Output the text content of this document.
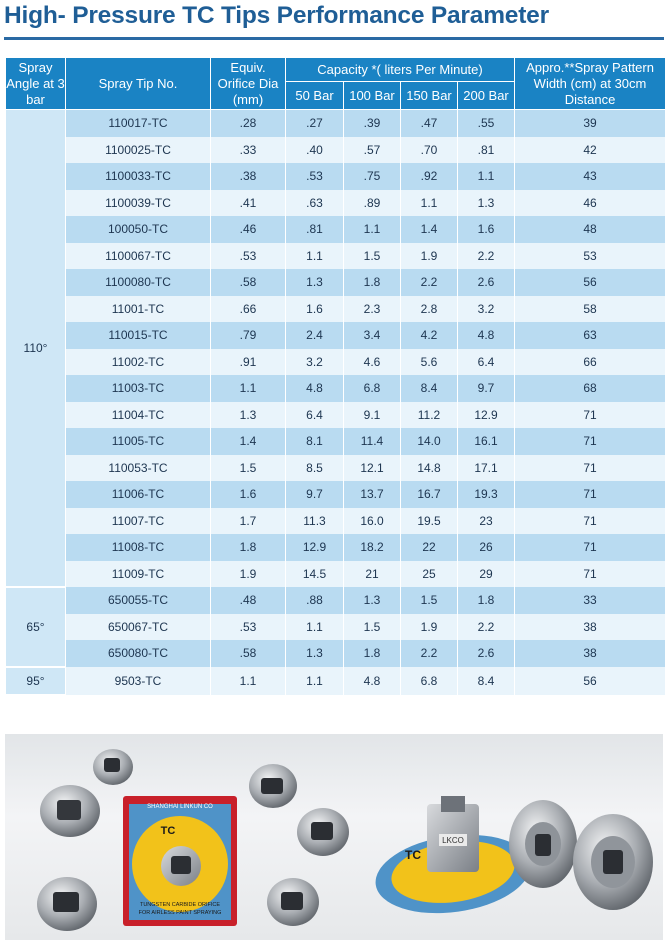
High- Pressure TC Tips Performance Parameter
Spray Angle at 3 bar	Spray Tip No.	Equiv. Orifice Dia (mm)	Capacity *( liters Per Minute)				Appro.**Spray Pattern Width (cm) at 30cm Distance
			50 Bar	100 Bar	150 Bar	200 Bar	
110°	110017-TC	.28	.27	.39	.47	.55	39
	1100025-TC	.33	.40	.57	.70	.81	42
	1100033-TC	.38	.53	.75	.92	1.1	43
	1100039-TC	.41	.63	.89	1.1	1.3	46
	100050-TC	.46	.81	1.1	1.4	1.6	48
	1100067-TC	.53	1.1	1.5	1.9	2.2	53
	1100080-TC	.58	1.3	1.8	2.2	2.6	56
	11001-TC	.66	1.6	2.3	2.8	3.2	58
	110015-TC	.79	2.4	3.4	4.2	4.8	63
	11002-TC	.91	3.2	4.6	5.6	6.4	66
	11003-TC	1.1	4.8	6.8	8.4	9.7	68
	11004-TC	1.3	6.4	9.1	11.2	12.9	71
	11005-TC	1.4	8.1	11.4	14.0	16.1	71
	110053-TC	1.5	8.5	12.1	14.8	17.1	71
	11006-TC	1.6	9.7	13.7	16.7	19.3	71
	11007-TC	1.7	11.3	16.0	19.5	23	71
	11008-TC	1.8	12.9	18.2	22	26	71
	11009-TC	1.9	14.5	21	25	29	71
65°	650055-TC	.48	.88	1.3	1.5	1.8	33
	650067-TC	.53	1.1	1.5	1.9	2.2	38
	650080-TC	.58	1.3	1.8	2.2	2.6	38
95°	9503-TC	1.1	1.1	4.8	6.8	8.4	56
SHANGHAI LINKUN CO
TC
TUNGSTEN CARBIDE ORIFICE
FOR AIRLESS PAINT SPRAYING
TC
LKCO
